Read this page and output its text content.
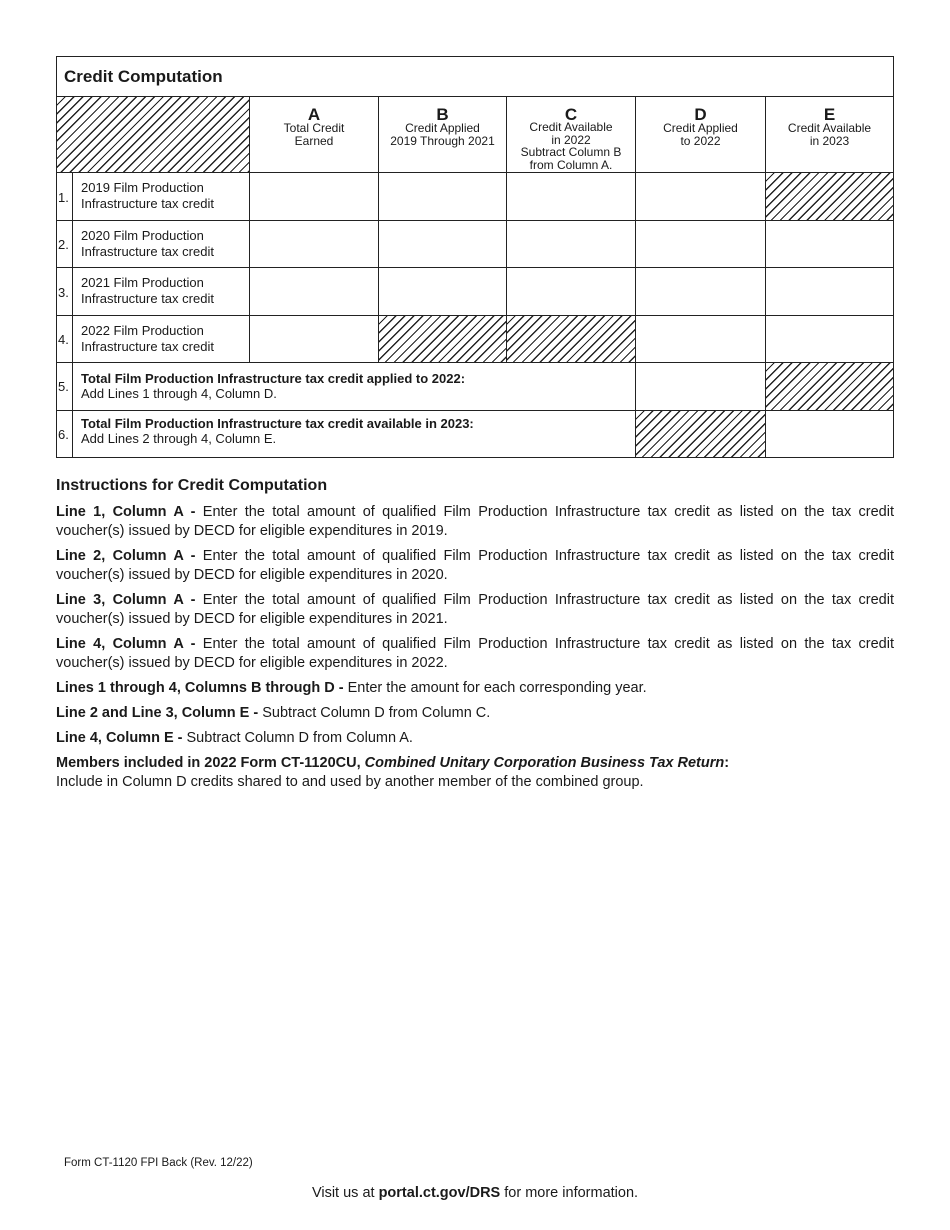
Credit Computation
A
Total Credit
Earned
B
Credit Applied
2019 Through 2021
C
Credit Available
in 2022
Subtract Column B
from Column A.
D
Credit Applied
to 2022
E
Credit Available
in 2023
1.
2019 Film Production
Infrastructure tax credit
2.
2020 Film Production
Infrastructure tax credit
3.
2021 Film Production
Infrastructure tax credit
4.
2022 Film Production
Infrastructure tax credit
5.
Total Film Production Infrastructure tax credit applied to 2022:
Add Lines 1 through 4, Column D.
6.
Total Film Production Infrastructure tax credit available in 2023:
Add Lines 2 through 4, Column E.
Instructions for Credit Computation

Line 1, Column A - Enter the total amount of qualified Film Production Infrastructure tax credit as listed on the tax credit voucher(s) issued by DECD for eligible expenditures in 2019.

Line 2, Column A - Enter the total amount of qualified Film Production Infrastructure tax credit as listed on the tax credit voucher(s) issued by DECD for eligible expenditures in 2020.

Line 3, Column A - Enter the total amount of qualified Film Production Infrastructure tax credit as listed on the tax credit voucher(s) issued by DECD for eligible expenditures in 2021.

Line 4, Column A - Enter the total amount of qualified Film Production Infrastructure tax credit as listed on the tax credit voucher(s) issued by DECD for eligible expenditures in 2022.

Lines 1 through 4, Columns B through D - Enter the amount for each corresponding year.

Line 2 and Line 3, Column E - Subtract Column D from Column C.

Line 4, Column E - Subtract Column D from Column A.

Members included in 2022 Form CT-1120CU, Combined Unitary Corporation Business Tax Return:
Include in Column D credits shared to and used by another member of the combined group.

Form CT-1120 FPI Back (Rev. 12/22)
Visit us at portal.ct.gov/DRS for more information.
